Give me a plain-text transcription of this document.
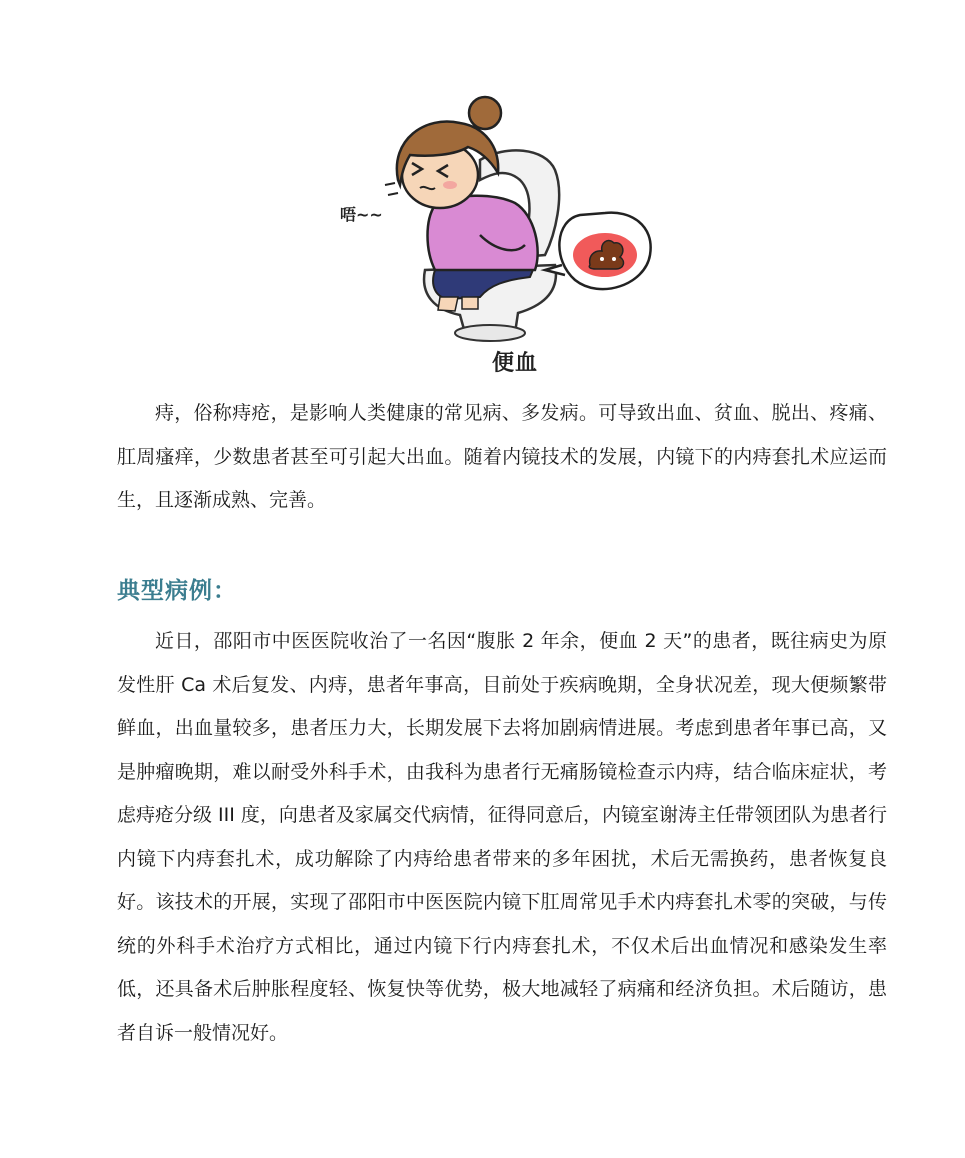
唔~~
便血

痔，俗称痔疮，是影响人类健康的常见病、多发病。可导致出血、贫血、脱出、疼痛、肛周瘙痒，少数患者甚至可引起大出血。随着内镜技术的发展，内镜下的内痔套扎术应运而生，且逐渐成熟、完善。

典型病例：

近日，邵阳市中医医院收治了一名因“腹胀 2 年余，便血 2 天”的患者，既往病史为原发性肝 Ca 术后复发、内痔，患者年事高，目前处于疾病晚期，全身状况差，现大便频繁带鲜血，出血量较多，患者压力大，长期发展下去将加剧病情进展。考虑到患者年事已高，又是肿瘤晚期，难以耐受外科手术，由我科为患者行无痛肠镜检查示内痔，结合临床症状，考虑痔疮分级 III 度，向患者及家属交代病情，征得同意后，内镜室谢涛主任带领团队为患者行内镜下内痔套扎术，成功解除了内痔给患者带来的多年困扰，术后无需换药，患者恢复良好。该技术的开展，实现了邵阳市中医医院内镜下肛周常见手术内痔套扎术零的突破，与传统的外科手术治疗方式相比，通过内镜下行内痔套扎术，不仅术后出血情况和感染发生率低，还具备术后肿胀程度轻、恢复快等优势，极大地减轻了病痛和经济负担。术后随访，患者自诉一般情况好。
